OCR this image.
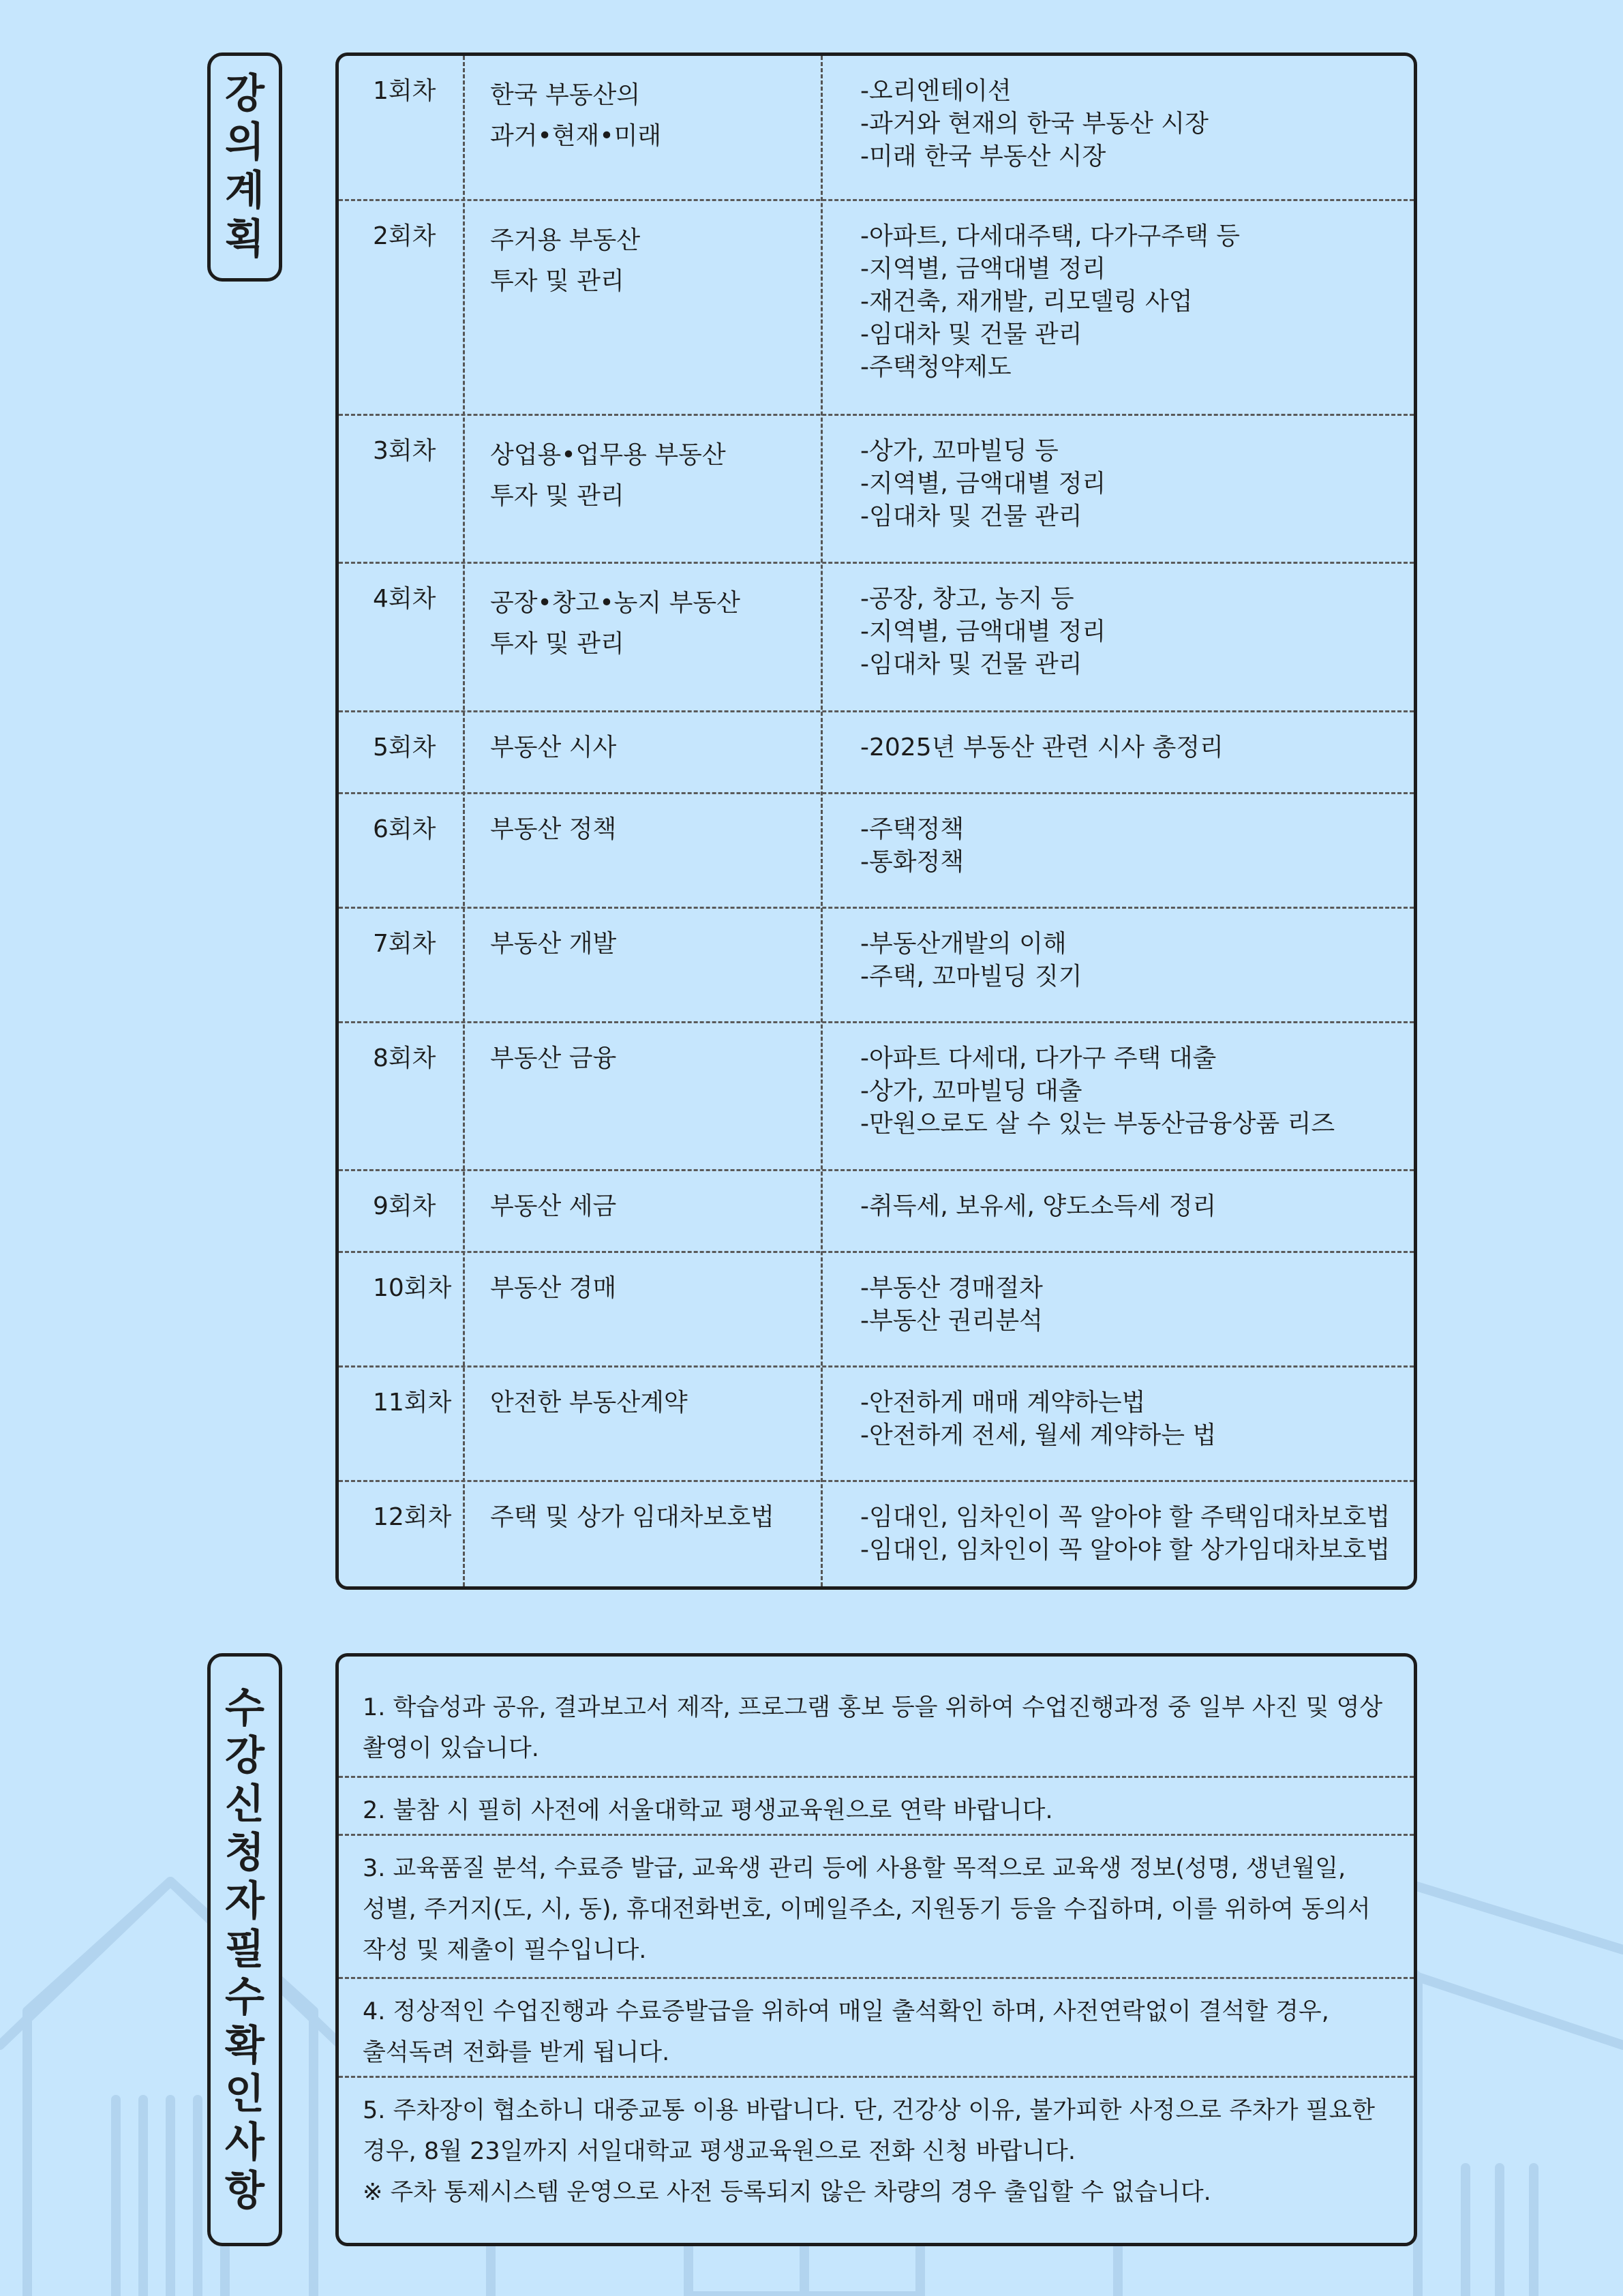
강의계획
1회차 한국 부동산의
과거•현재•미래
-오리엔테이션
-과거와 현재의 한국 부동산 시장
-미래 한국 부동산 시장
2회차 주거용 부동산
투자 및 관리
-아파트, 다세대주택, 다가구주택 등
-지역별, 금액대별 정리
-재건축, 재개발, 리모델링 사업
-임대차 및 건물 관리
-주택청약제도
3회차 상업용•업무용 부동산
투자 및 관리
-상가, 꼬마빌딩 등
-지역별, 금액대별 정리
-임대차 및 건물 관리
4회차 공장•창고•농지 부동산
투자 및 관리
-공장, 창고, 농지 등
-지역별, 금액대별 정리
-임대차 및 건물 관리
5회차 부동산 시사	-2025년 부동산 관련 시사 총정리
6회차 부동산 정책	-주택정책
-통화정책
7회차 부동산 개발	-부동산개발의 이해
-주택, 꼬마빌딩 짓기
8회차 부동산 금융	-아파트 다세대, 다가구 주택 대출
-상가, 꼬마빌딩 대출
-만원으로도 살 수 있는 부동산금융상품 리즈
9회차 부동산 세금	-취득세, 보유세, 양도소득세 정리
10회차 부동산 경매	-부동산 경매절차
-부동산 권리분석
11회차 안전한 부동산계약	-안전하게 매매 계약하는법
-안전하게 전세, 월세 계약하는 법
12회차 주택 및 상가 임대차보호법	-임대인, 임차인이 꼭 알아야 할 주택임대차보호법
-임대인, 임차인이 꼭 알아야 할 상가임대차보호법
수강신청자 필수확인 사항

1. 학습성과 공유, 결과보고서 제작, 프로그램 홍보 등을 위하여 수업진행과정 중 일부 사진 및 영상

촬영이 있습니다.

2. 불참 시 필히 사전에 서울대학교 평생교육원으로 연락 바랍니다.

3. 교육품질 분석, 수료증 발급, 교육생 관리 등에 사용할 목적으로 교육생 정보(성명, 생년월일,

성별, 주거지(도, 시, 동), 휴대전화번호, 이메일주소, 지원동기 등을 수집하며, 이를 위하여 동의서

작성 및 제출이 필수입니다.

4. 정상적인 수업진행과 수료증발급을 위하여 매일 출석확인 하며, 사전연락없이 결석할 경우,

출석독려 전화를 받게 됩니다.

5. 주차장이 협소하니 대중교통 이용 바랍니다. 단, 건강상 이유, 불가피한 사정으로 주차가 필요한

경우, 8월 23일까지 서일대학교 평생교육원으로 전화 신청 바랍니다.

※ 주차 통제시스템 운영으로 사전 등록되지 않은 차량의 경우 출입할 수 없습니다.
